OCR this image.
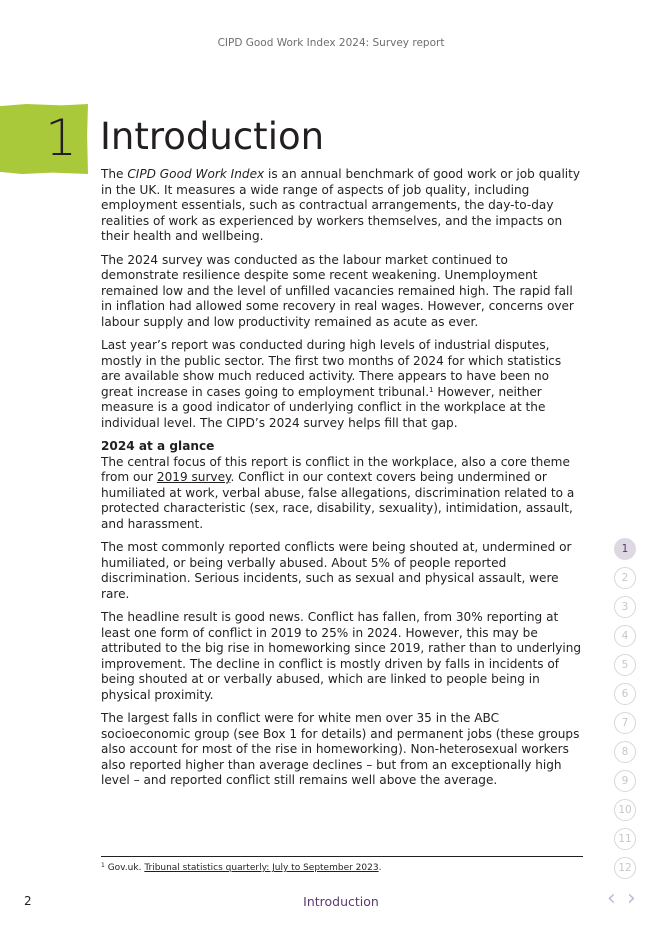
CIPD Good Work Index 2024: Survey report
1 Introduction

The CIPD Good Work Index is an annual benchmark of good work or job quality in the UK. It measures a wide range of aspects of job quality, including employment essentials, such as contractual arrangements, the day-to-day realities of work as experienced by workers themselves, and the impacts on their health and wellbeing.

The 2024 survey was conducted as the labour market continued to demonstrate resilience despite some recent weakening. Unemployment remained low and the level of unfilled vacancies remained high. The rapid fall in inflation had allowed some recovery in real wages. However, concerns over labour supply and low productivity remained as acute as ever.

Last year’s report was conducted during high levels of industrial disputes, mostly in the public sector. The first two months of 2024 for which statistics are available show much reduced activity. There appears to have been no great increase in cases going to employment tribunal.$^1$ However, neither measure is a good indicator of underlying conflict in the workplace at the individual level. The CIPD’s 2024 survey helps fill that gap.

2024 at a glance

The central focus of this report is conflict in the workplace, also a core theme from our 2019 survey. Conflict in our context covers being undermined or humiliated at work, verbal abuse, false allegations, discrimination related to a protected characteristic (sex, race, disability, sexuality), intimidation, assault, and harassment.

The most commonly reported conflicts were being shouted at, undermined or humiliated, or being verbally abused. About 5% of people reported discrimination. Serious incidents, such as sexual and physical assault, were rare.

The headline result is good news. Conflict has fallen, from 30% reporting at least one form of conflict in 2019 to 25% in 2024. However, this may be attributed to the big rise in homeworking since 2019, rather than to underlying improvement. The decline in conflict is mostly driven by falls in incidents of being shouted at or verbally abused, which are linked to people being in physical proximity.

The largest falls in conflict were for white men over 35 in the ABC socioeconomic group (see Box 1 for details) and permanent jobs (these groups also account for most of the rise in homeworking). Non-heterosexual workers also reported higher than average declines – but from an exceptionally high level – and reported conflict still remains well above the average.

$^1$ Gov.uk. Tribunal statistics quarterly: July to September 2023.
2	Introduction
1
2
3
4
5
6
7
8
9
10
11
12
‹ ›
